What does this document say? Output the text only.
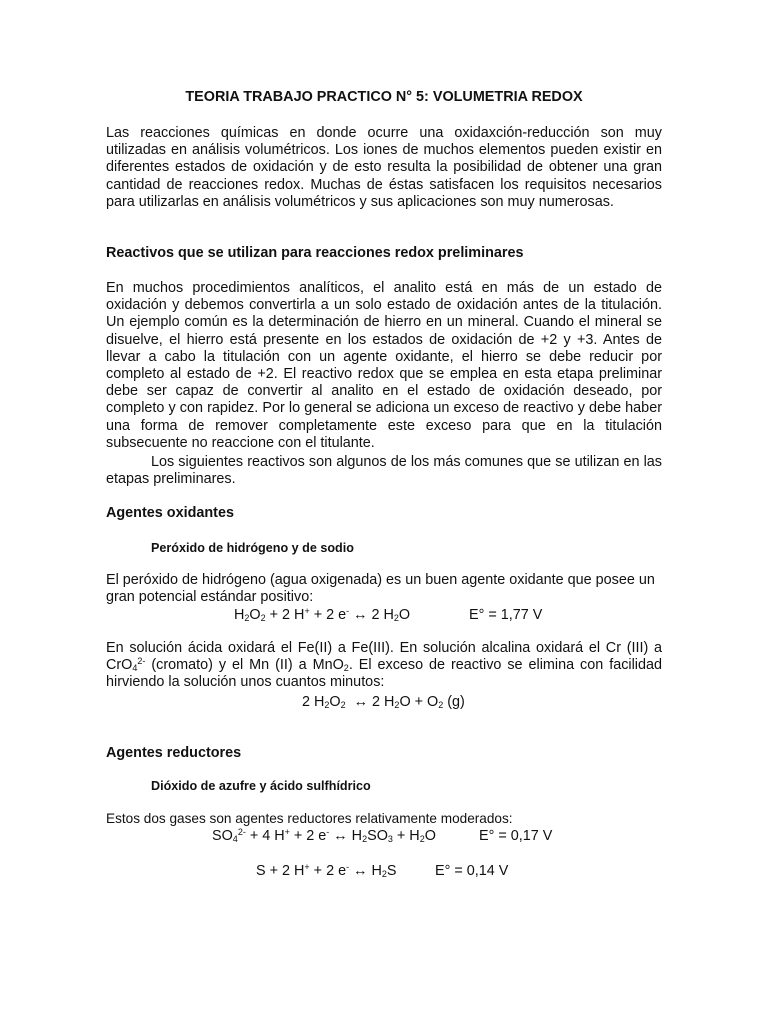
TEORIA TRABAJO PRACTICO N° 5: VOLUMETRIA REDOX

Las reacciones químicas en donde ocurre una oxidaxción-reducción son muy utilizadas en análisis volumétricos. Los iones de muchos elementos pueden existir en diferentes estados de oxidación y de esto resulta la posibilidad de obtener una gran cantidad de reacciones redox. Muchas de éstas satisfacen los requisitos necesarios para utilizarlas en análisis volumétricos y sus aplicaciones son muy numerosas.

Reactivos que se utilizan para reacciones redox preliminares

En muchos procedimientos analíticos, el analito está en más de un estado de oxidación y debemos convertirla a un solo estado de oxidación antes de la titulación. Un ejemplo común es la determinación de hierro en un mineral. Cuando el mineral se disuelve, el hierro está presente en los estados de oxidación de +2 y +3. Antes de llevar a cabo la titulación con un agente oxidante, el hierro se debe reducir por completo al estado de +2. El reactivo redox que se emplea en esta etapa preliminar debe ser capaz de convertir al analito en el estado de oxidación deseado, por completo y con rapidez. Por lo general se adiciona un exceso de reactivo y debe haber una forma de remover completamente este exceso para que en la titulación subsecuente no reaccione con el titulante.

Los siguientes reactivos son algunos de los más comunes que se utilizan en las etapas preliminares.

Agentes oxidantes

Peróxido de hidrógeno y de sodio

El peróxido de hidrógeno (agua oxigenada) es un buen agente oxidante que posee un gran potencial estándar positivo:

$H_2O_2 + 2$ H+ + 2 e- ↔ 2 $H_2O$	E° = 1,77 V

En solución ácida oxidará el Fe(II) a Fe(III). En solución alcalina oxidará el Cr (III) a CrO$_4^{2-}$ (cromato) y el Mn (II) a MnO$_2$. El exceso de reactivo se elimina con facilidad hirviendo la solución unos cuantos minutos:

2 $H_2O_2$  ↔ 2 $H_2O + O_2$ (g)

Agentes reductores

Dióxido de azufre y ácido sulfhídrico

Estos dos gases son agentes reductores relativamente moderados:

$SO_4^{2-} + 4$ H+ + 2 e- ↔ $H_2SO_3 + H_2O$	E° = 0,17 V

S + 2 H+ + 2 e- ↔ $H_2S$	E° = 0,14 V
